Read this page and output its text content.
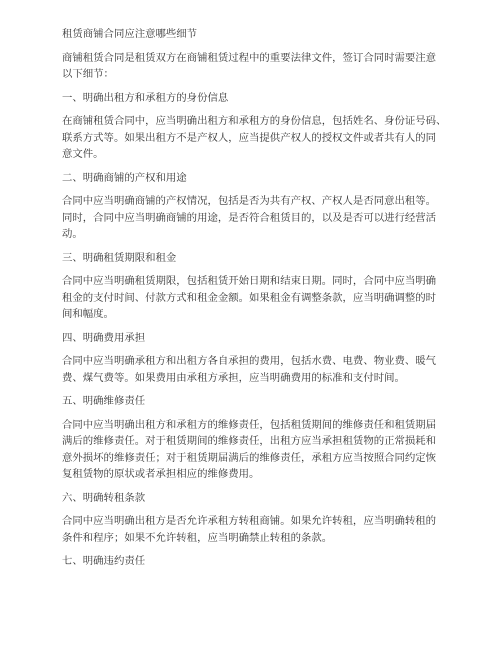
租赁商铺合同应注意哪些细节

商铺租赁合同是租赁双方在商铺租赁过程中的重要法律文件，签订合同时需要注意

以下细节：

一、明确出租方和承租方的身份信息

在商铺租赁合同中，应当明确出租方和承租方的身份信息，包括姓名、身份证号码、

联系方式等。如果出租方不是产权人，应当提供产权人的授权文件或者共有人的同

意文件。

二、明确商铺的产权和用途

合同中应当明确商铺的产权情况，包括是否为共有产权、产权人是否同意出租等。

同时，合同中应当明确商铺的用途，是否符合租赁目的，以及是否可以进行经营活

动。

三、明确租赁期限和租金

合同中应当明确租赁期限，包括租赁开始日期和结束日期。同时，合同中应当明确

租金的支付时间、付款方式和租金金额。如果租金有调整条款，应当明确调整的时

间和幅度。

四、明确费用承担

合同中应当明确承租方和出租方各自承担的费用，包括水费、电费、物业费、暖气

费、煤气费等。如果费用由承租方承担，应当明确费用的标准和支付时间。

五、明确维修责任

合同中应当明确出租方和承租方的维修责任，包括租赁期间的维修责任和租赁期届

满后的维修责任。对于租赁期间的维修责任，出租方应当承担租赁物的正常损耗和

意外损坏的维修责任；对于租赁期届满后的维修责任，承租方应当按照合同约定恢

复租赁物的原状或者承担相应的维修费用。

六、明确转租条款

合同中应当明确出租方是否允许承租方转租商铺。如果允许转租，应当明确转租的

条件和程序；如果不允许转租，应当明确禁止转租的条款。

七、明确违约责任
